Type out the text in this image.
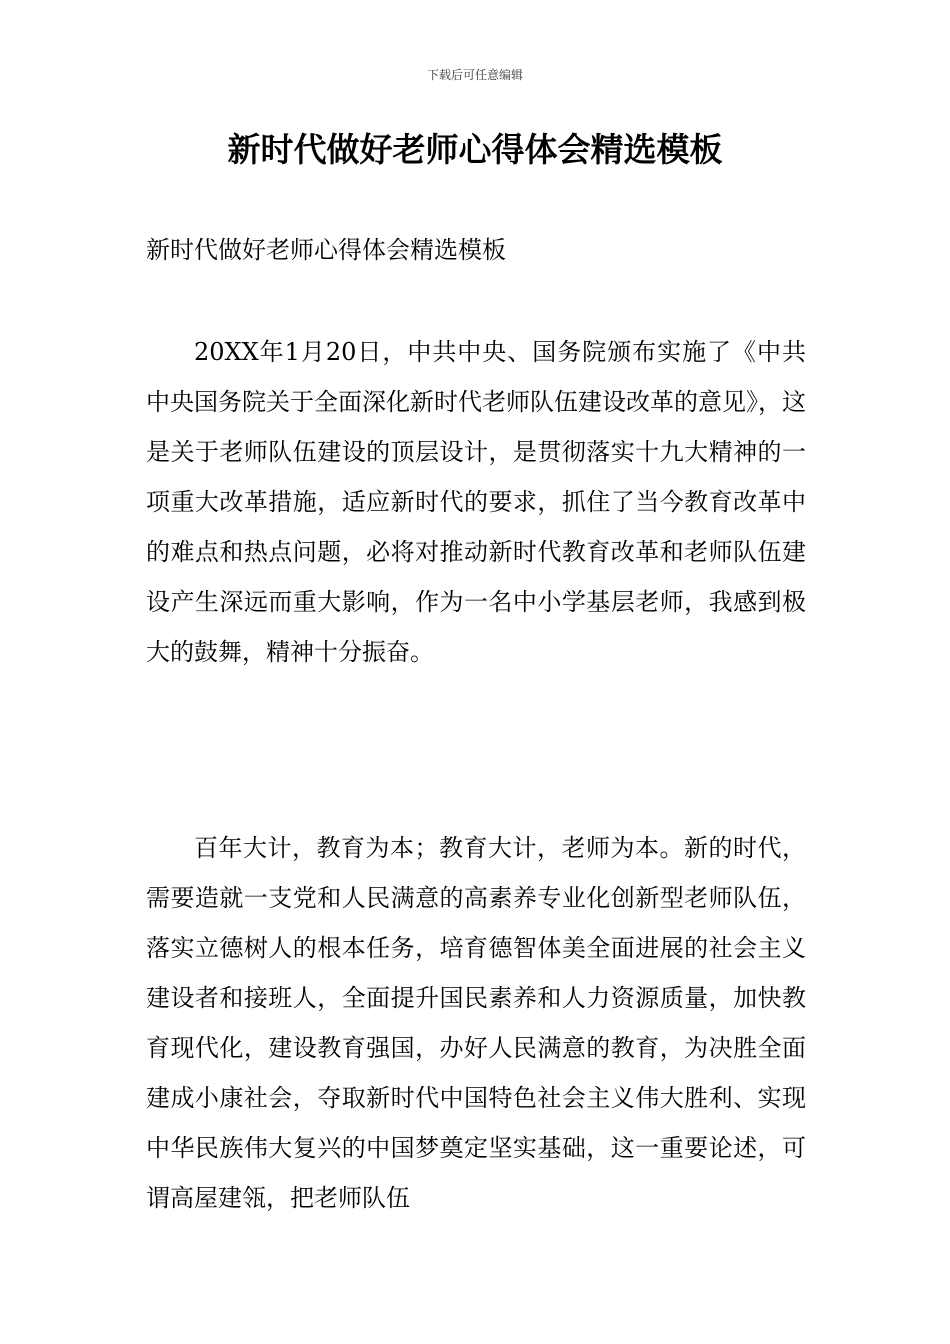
下载后可任意编辑
新时代做好老师心得体会精选模板
新时代做好老师心得体会精选模板

20XX年1月20日，中共中央、国务院颁布实施了《中共中央国务院关于全面深化新时代老师队伍建设改革的意见》，这是关于老师队伍建设的顶层设计，是贯彻落实十九大精神的一项重大改革措施，适应新时代的要求，抓住了当今教育改革中的难点和热点问题，必将对推动新时代教育改革和老师队伍建设产生深远而重大影响，作为一名中小学基层老师，我感到极大的鼓舞，精神十分振奋。

百年大计，教育为本；教育大计，老师为本。新的时代，需要造就一支党和人民满意的高素养专业化创新型老师队伍，落实立德树人的根本任务，培育德智体美全面进展的社会主义建设者和接班人，全面提升国民素养和人力资源质量，加快教育现代化，建设教育强国，办好人民满意的教育，为决胜全面建成小康社会，夺取新时代中国特色社会主义伟大胜利、实现中华民族伟大复兴的中国梦奠定坚实基础，这一重要论述，可谓高屋建瓴，把老师队伍
